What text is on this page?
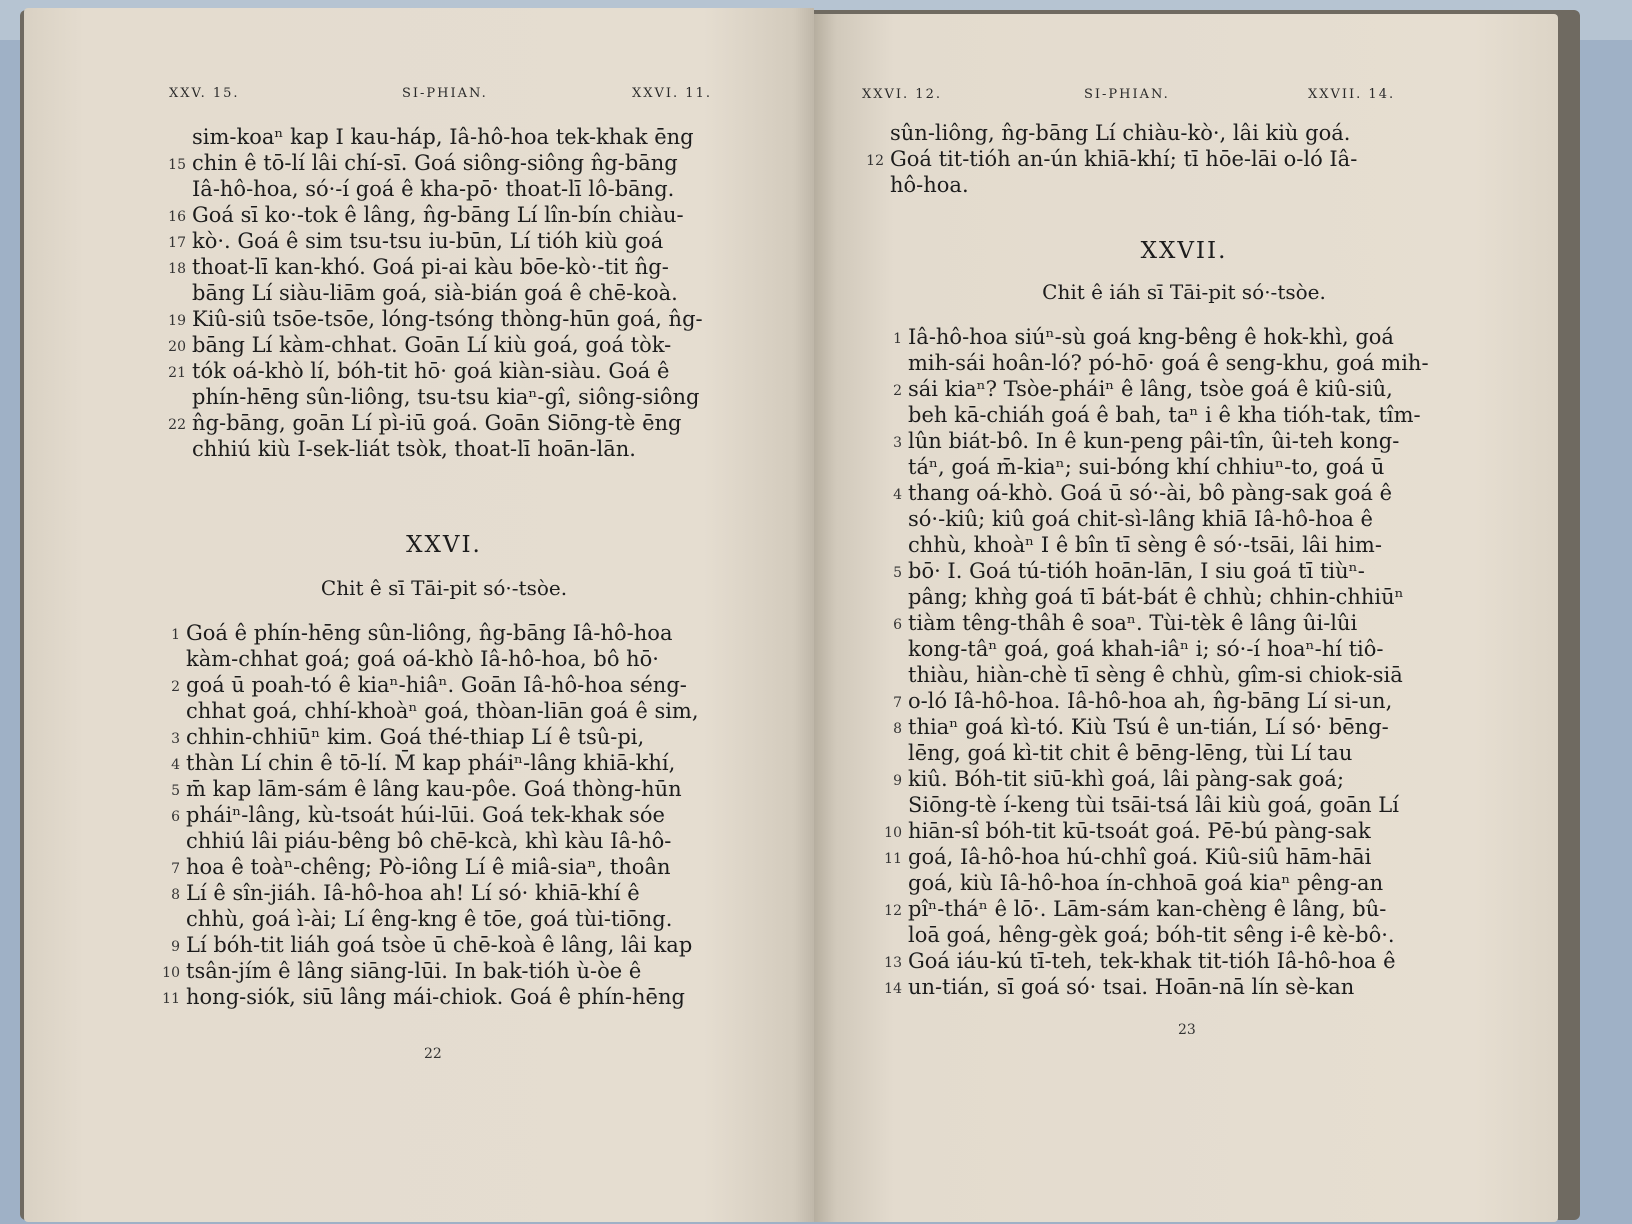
XXV. 15.	SI-PHIAN.	XXVI. 11.
sim-koaⁿ kap I kau-háp, Iâ-hô-hoa tek-khak ēng
15 chin ê tō-lí lâi chí-sī. Goá siông-siông n̂g-bāng
Iâ-hô-hoa, só·-í goá ê kha-pō· thoat-lī lô-bāng.
16 Goá sī ko·-tok ê lâng, n̂g-bāng Lí lîn-bín chiàu-
17 kò·. Goá ê sim tsu-tsu iu-būn, Lí tióh kiù goá
18 thoat-lī kan-khó. Goá pi-ai kàu bōe-kò·-tit n̂g-
bāng Lí siàu-liām goá, sià-bián goá ê chē-koà.
19 Kiû-siû tsōe-tsōe, lóng-tsóng thòng-hūn goá, n̂g-
20 bāng Lí kàm-chhat. Goān Lí kiù goá, goá tòk-
21 tók oá-khò lí, bóh-tit hō· goá kiàn-siàu. Goá ê
phín-hēng sûn-liông, tsu-tsu kiaⁿ-gî, siông-siông
22 n̂g-bāng, goān Lí pì-iū goá. Goān Siōng-tè ēng
chhiú kiù I-sek-liát tsòk, thoat-lī hoān-lān.
XXVI.
Chit ê sī Tāi-pit só·-tsòe.
1 Goá ê phín-hēng sûn-liông, n̂g-bāng Iâ-hô-hoa
kàm-chhat goá; goá oá-khò Iâ-hô-hoa, bô hō·
2 goá ū poah-tó ê kiaⁿ-hiâⁿ. Goān Iâ-hô-hoa séng-
chhat goá, chhí-khoàⁿ goá, thòan-liān goá ê sim,
3 chhin-chhiūⁿ kim. Goá thé-thiap Lí ê tsû-pi,
4 thàn Lí chin ê tō-lí. M̄ kap pháiⁿ-lâng khiā-khí,
5 m̄ kap lām-sám ê lâng kau-pôe. Goá thòng-hūn
6 pháiⁿ-lâng, kù-tsoát húi-lūi. Goá tek-khak sóe
chhiú lâi piáu-bêng bô chē-kcà, khì kàu Iâ-hô-
7 hoa ê toàⁿ-chêng; Pò-iông Lí ê miâ-siaⁿ, thoân
8 Lí ê sîn-jiáh. Iâ-hô-hoa ah! Lí só· khiā-khí ê
chhù, goá ì-ài; Lí êng-kng ê tōe, goá tùi-tiōng.
9 Lí bóh-tit liáh goá tsòe ū chē-koà ê lâng, lâi kap
10 tsân-jím ê lâng siāng-lūi. In bak-tióh ù-òe ê
11 hong-siók, siū lâng mái-chiok. Goá ê phín-hēng
22
XXVI. 12.	SI-PHIAN.	XXVII. 14.
sûn-liông, n̂g-bāng Lí chiàu-kò·, lâi kiù goá.
12 Goá tit-tióh an-ún khiā-khí; tī hōe-lāi o-ló Iâ-
hô-hoa.
XXVII.
Chit ê iáh sī Tāi-pit só·-tsòe.
1 Iâ-hô-hoa siúⁿ-sù goá kng-bêng ê hok-khì, goá
mih-sái hoân-ló? pó-hō· goá ê seng-khu, goá mih-
2 sái kiaⁿ? Tsòe-pháiⁿ ê lâng, tsòe goá ê kiû-siû,
beh kā-chiáh goá ê bah, taⁿ i ê kha tióh-tak, tîm-
3 lûn biát-bô. In ê kun-peng pâi-tîn, ûi-teh kong-
táⁿ, goá m̄-kiaⁿ; sui-bóng khí chhiuⁿ-to, goá ū
4 thang oá-khò. Goá ū só·-ài, bô pàng-sak goá ê
só·-kiû; kiû goá chit-sì-lâng khiā Iâ-hô-hoa ê
chhù, khoàⁿ I ê bîn tī sèng ê só·-tsāi, lâi him-
5 bō· I. Goá tú-tióh hoān-lān, I siu goá tī tiùⁿ-
pâng; khǹg goá tī bát-bát ê chhù; chhin-chhiūⁿ
6 tiàm têng-thâh ê soaⁿ. Tùi-tèk ê lâng ûi-lûi
kong-tâⁿ goá, goá khah-iâⁿ i; só·-í hoaⁿ-hí tiô-
thiàu, hiàn-chè tī sèng ê chhù, gîm-si chiok-siā
7 o-ló Iâ-hô-hoa. Iâ-hô-hoa ah, n̂g-bāng Lí si-un,
8 thiaⁿ goá kì-tó. Kiù Tsú ê un-tián, Lí só· bēng-
lēng, goá kì-tit chit ê bēng-lēng, tùi Lí tau
9 kiû. Bóh-tit siū-khì goá, lâi pàng-sak goá;
Siōng-tè í-keng tùi tsāi-tsá lâi kiù goá, goān Lí
10 hiān-sî bóh-tit kū-tsoát goá. Pē-bú pàng-sak
11 goá, Iâ-hô-hoa hú-chhî goá. Kiû-siû hām-hāi
goá, kiù Iâ-hô-hoa ín-chhoā goá kiaⁿ pêng-an
12 pîⁿ-tháⁿ ê lō·. Lām-sám kan-chèng ê lâng, bû-
loā goá, hêng-gèk goá; bóh-tit sêng i-ê kè-bô·.
13 Goá iáu-kú tī-teh, tek-khak tit-tióh Iâ-hô-hoa ê
14 un-tián, sī goá só· tsai. Hoān-nā lín sè-kan
23
